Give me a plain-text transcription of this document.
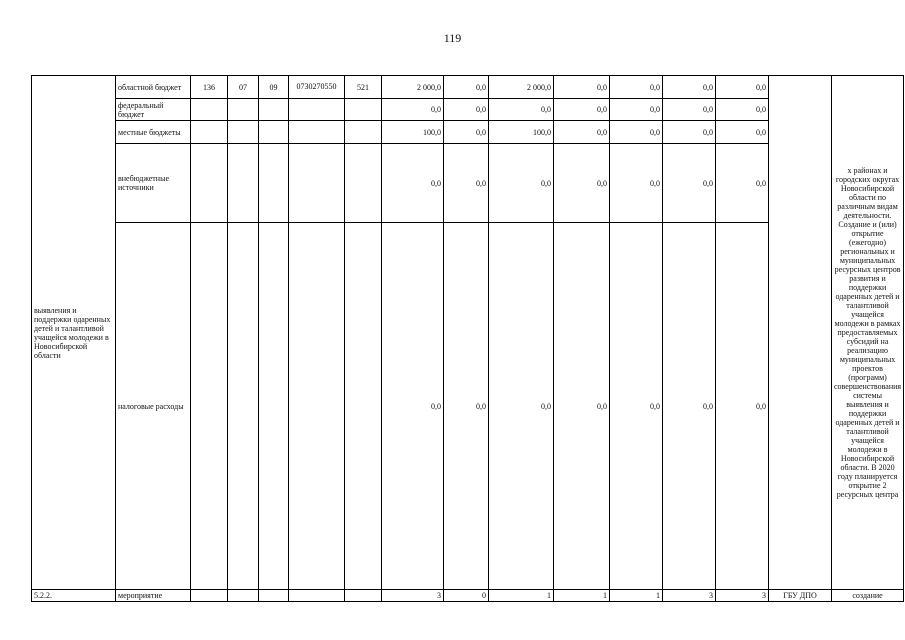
119
выявления и поддержки одаренных детей и талантливой учащейся молодежи в Новосибирской области	областной бюджет	136	07	09	0730270550	521	2 000,0	0,0	2 000,0	0,0	0,0	0,0	0,0		х районах и городских округах Новосибирской области по различным видам деятельности. Создание и (или) открытие (ежегодно) региональных и муниципальных ресурсных центров развития и поддержки одаренных детей и талантливой учащейся молодежи в рамках предоставляемых субсидий на реализацию муниципальных проектов (программ) совершенствования системы выявления и поддержки одаренных детей и талантливой учащейся молодежи в Новосибирской области. В 2020 году планируется открытие 2 ресурсных центра
	федеральный бюджет						0,0	0,0	0,0	0,0	0,0	0,0	0,0		
	местные бюджеты						100,0	0,0	100,0	0,0	0,0	0,0	0,0		
	внебюджетные источники						0,0	0,0	0,0	0,0	0,0	0,0	0,0		
	налоговые расходы						0,0	0,0	0,0	0,0	0,0	0,0	0,0		
5.2.2.	мероприятие						3	0	1	1	1	3	3	ГБУ ДПО	создание
